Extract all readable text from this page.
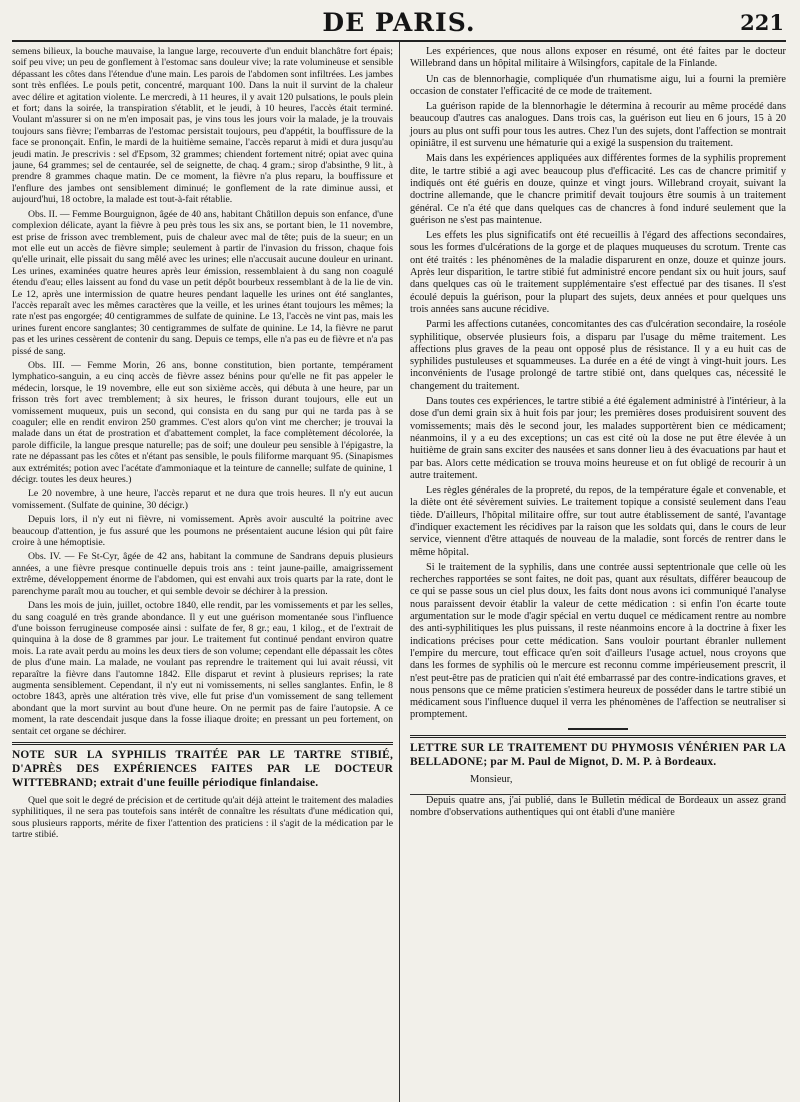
DE PARIS.	221

semens bilieux, la bouche mauvaise, la langue large, recouverte d'un enduit blanchâtre fort épais; soif peu vive; un peu de gonflement à l'estomac sans douleur vive; la rate volumineuse et sensible dépassant les côtes dans l'étendue d'une main. Les parois de l'abdomen sont infiltrées. Les jambes sont très enflées. Le pouls petit, concentré, marquant 100. Dans la nuit il survint de la chaleur avec délire et agitation violente. Le mercredi, à 11 heures, il y avait 120 pulsations, le pouls plein et fort; dans la soirée, la transpiration s'établit, et le jeudi, à 10 heures, l'accès était terminé. Voulant m'assurer si on ne m'en imposait pas, je vins tous les jours voir la malade, je la trouvais toujours sans fièvre; l'embarras de l'estomac persistait toujours, peu d'appétit, la bouffissure de la face se prononçait. Enfin, le mardi de la huitième semaine, l'accès reparut à midi et dura jusqu'au jeudi matin. Je prescrivis : sel d'Epsom, 32 grammes; chiendent fortement nitré; opiat avec quina jaune, 64 grammes; sel de centaurée, sel de seignette, de chaq. 4 gram.; sirop d'absinthe, 9 lit., à prendre 8 grammes chaque matin. De ce moment, la fièvre n'a plus reparu, la bouffissure et l'enflure des jambes ont sensiblement diminué; le gonflement de la rate diminue aussi, et aujourd'hui, 18 octobre, la malade est tout-à-fait rétablie.

Obs. II. — Femme Bourguignon, âgée de 40 ans, habitant Châtillon depuis son enfance, d'une complexion délicate, ayant la fièvre à peu près tous les six ans, se portant bien, le 11 novembre, est prise de frisson avec tremblement, puis de chaleur avec mal de tête; puis de la sueur; en un mot elle eut un accès de fièvre simple; seulement à partir de l'invasion du frisson, chaque fois qu'elle urinait, elle pissait du sang mêlé avec les urines; elle n'accusait aucune douleur en urinant. Les urines, examinées quatre heures après leur émission, ressemblaient à du sang non coagulé étendu d'eau; elles laissent au fond du vase un petit dépôt bourbeux ressemblant à de la lie de vin. Le 12, après une intermission de quatre heures pendant laquelle les urines ont été sanglantes, l'accès reparaît avec les mêmes caractères que la veille, et les urines étant toujours les mêmes; la rate n'est pas engorgée; 40 centigrammes de sulfate de quinine. Le 13, l'accès ne vint pas, mais les urines furent encore sanglantes; 30 centigrammes de sulfate de quinine. Le 14, la fièvre ne parut pas et les urines cessèrent de contenir du sang. Depuis ce temps, elle n'a pas eu de fièvre et n'a pas pissé de sang.

Obs. III. — Femme Morin, 26 ans, bonne constitution, bien portante, tempérament lymphatico-sanguin, a eu cinq accès de fièvre assez bénins pour qu'elle ne fit pas appeler le médecin, lorsque, le 19 novembre, elle eut son sixième accès, qui débuta à une heure, par un frisson très fort avec tremblement; à six heures, le frisson durant toujours, elle eut un vomissement muqueux, puis un second, qui consista en du sang pur qui ne tarda pas à se coaguler; elle en rendit environ 250 grammes. C'est alors qu'on vint me chercher; je trouvai la malade dans un état de prostration et d'abattement complet, la face complètement décolorée, la parole difficile, la langue presque naturelle; pas de soif; une douleur peu sensible à l'épigastre, la rate ne dépassant pas les côtes et n'étant pas sensible, le pouls filiforme marquant 95. (Sinapismes aux extrémités; potion avec l'acétate d'ammoniaque et la teinture de cannelle; sulfate de quinine, 1 décigr. toutes les deux heures.)

Le 20 novembre, à une heure, l'accès reparut et ne dura que trois heures. Il n'y eut aucun vomissement. (Sulfate de quinine, 30 décigr.)

Depuis lors, il n'y eut ni fièvre, ni vomissement. Après avoir ausculté la poitrine avec beaucoup d'attention, je fus assuré que les poumons ne présentaient aucune lésion qui pût faire croire à une hémoptisie.

Obs. IV. — Fe St-Cyr, âgée de 42 ans, habitant la commune de Sandrans depuis plusieurs années, a une fièvre presque continuelle depuis trois ans : teint jaune-paille, amaigrissement extrême, développement énorme de l'abdomen, qui est envahi aux trois quarts par la rate, dont le parenchyme paraît mou au toucher, et qui semble devoir se déchirer à la pression.

Dans les mois de juin, juillet, octobre 1840, elle rendit, par les vomissements et par les selles, du sang coagulé en très grande abondance. Il y eut une guérison momentanée sous l'influence d'une boisson ferrugineuse composée ainsi : sulfate de fer, 8 gr.; eau, 1 kilog., et de l'extrait de quinquina à la dose de 8 grammes par jour. Le traitement fut continué pendant environ quatre mois. La rate avait perdu au moins les deux tiers de son volume; cependant elle dépassait les côtes de plus d'une main. La malade, ne voulant pas reprendre le traitement qui lui avait réussi, vit reparaître la fièvre dans l'automne 1842. Elle disparut et revint à plusieurs reprises; la rate augmenta sensiblement. Cependant, il n'y eut ni vomissements, ni selles sanglantes. Enfin, le 8 octobre 1843, après une altération très vive, elle fut prise d'un vomissement de sang tellement abondant que la mort survint au bout d'une heure. On ne permit pas de faire l'autopsie. A ce moment, la rate descendait jusque dans la fosse iliaque droite; en pressant un peu fortement, on sentait cet organe se déchirer.

NOTE SUR LA SYPHILIS TRAITÉE PAR LE TARTRE STIBIÉ, D'APRÈS DES EXPÉRIENCES FAITES PAR LE DOCTEUR WITTEBRAND; extrait d'une feuille périodique finlandaise.

Quel que soit le degré de précision et de certitude qu'ait déjà atteint le traitement des maladies syphilitiques, il ne sera pas toutefois sans intérêt de connaître les résultats d'une médication qui, sous plusieurs rapports, mérite de fixer l'attention des praticiens : il s'agit de la médication par le tartre stibié.

Les expériences, que nous allons exposer en résumé, ont été faites par le docteur Willebrand dans un hôpital militaire à Wilsingfors, capitale de la Finlande.

Un cas de blennorhagie, compliquée d'un rhumatisme aigu, lui a fourni la première occasion de constater l'efficacité de ce mode de traitement.

La guérison rapide de la blennorhagie le détermina à recourir au même procédé dans beaucoup d'autres cas analogues. Dans trois cas, la guérison eut lieu en 6 jours, 15 à 20 jours au plus ont suffi pour tous les autres. Chez l'un des sujets, dont l'affection se montrait opiniâtre, il est survenu une hématurie qui a exigé la suspension du traitement.

Mais dans les expériences appliquées aux différentes formes de la syphilis proprement dite, le tartre stibié a agi avec beaucoup plus d'efficacité. Les cas de chancre primitif y indiqués ont été guéris en douze, quinze et vingt jours. Willebrand croyait, suivant la doctrine allemande, que le chancre primitif devait toujours être soumis à un traitement général. Ce n'a été que dans quelques cas de chancres à fond induré seulement que la guérison ne s'est pas maintenue.

Les effets les plus significatifs ont été recueillis à l'égard des affections secondaires, sous les formes d'ulcérations de la gorge et de plaques muqueuses du scrotum. Trente cas ont été traités : les phénomènes de la maladie disparurent en onze, douze et quinze jours. Après leur disparition, le tartre stibié fut administré encore pendant six ou huit jours, sauf dans quelques cas où le traitement supplémentaire s'est effectué par des tisanes. Il s'est écoulé depuis la guérison, pour la plupart des sujets, deux années et pour quelques uns trois années sans aucune récidive.

Parmi les affections cutanées, concomitantes des cas d'ulcération secondaire, la roséole syphilitique, observée plusieurs fois, a disparu par l'usage du même traitement. Les affections plus graves de la peau ont opposé plus de résistance. Il y a eu huit cas de syphilides pustuleuses et squammeuses. La durée en a été de vingt à vingt-huit jours. Les inconvénients de l'usage prolongé de tartre stibié ont, dans quelques cas, nécessité le changement du traitement.

Dans toutes ces expériences, le tartre stibié a été également administré à l'intérieur, à la dose d'un demi grain six à huit fois par jour; les premières doses produisirent souvent des vomissements; mais dès le second jour, les malades supportèrent bien ce médicament; néanmoins, il y a eu des exceptions; un cas est cité où la dose ne put être élevée à un huitième de grain sans exciter des nausées et sans donner lieu à des évacuations par haut et par bas. Alors cette médication se trouva moins heureuse et on fut obligé de recourir à un autre traitement.

Les règles générales de la propreté, du repos, de la température égale et convenable, et la diète ont été sévèrement suivies. Le traitement topique a consisté seulement dans l'eau tiède. D'ailleurs, l'hôpital militaire offre, sur tout autre établissement de santé, l'avantage d'indiquer exactement les récidives par la raison que les soldats qui, dans le cours de leur service, viennent d'être attaqués de nouveau de la maladie, sont forcés de rentrer dans le même hôpital.

Si le traitement de la syphilis, dans une contrée aussi septentrionale que celle où les recherches rapportées se sont faites, ne doit pas, quant aux résultats, différer beaucoup de ce qui se passe sous un ciel plus doux, les faits dont nous avons ici communiqué l'analyse nous paraissent devoir établir la valeur de cette médication : si enfin l'on écarte toute argumentation sur le mode d'agir spécial en vertu duquel ce médicament rentre au nombre des anti-syphilitiques les plus puissans, il reste néanmoins encore à la doctrine à fixer les indications précises pour cette médication. Sans vouloir pourtant ébranler nullement l'empire du mercure, tout efficace qu'en soit d'ailleurs l'usage actuel, nous croyons que dans les formes de syphilis où le mercure est reconnu comme impérieusement prescrit, il n'est peut-être pas de praticien qui n'ait été embarrassé par des contre-indications graves, et nous pensons que ce même praticien s'estimera heureux de posséder dans le tartre stibié un médicament sous l'influence duquel il verra les phénomènes de l'affection se neutraliser si promptement.

LETTRE SUR LE TRAITEMENT DU PHYMOSIS VÉNÉRIEN PAR LA BELLADONE; par M. Paul de Mignot, D. M. P. à Bordeaux.

Monsieur,

Depuis quatre ans, j'ai publié, dans le Bulletin médical de Bordeaux un assez grand nombre d'observations authentiques qui ont établi d'une manière
